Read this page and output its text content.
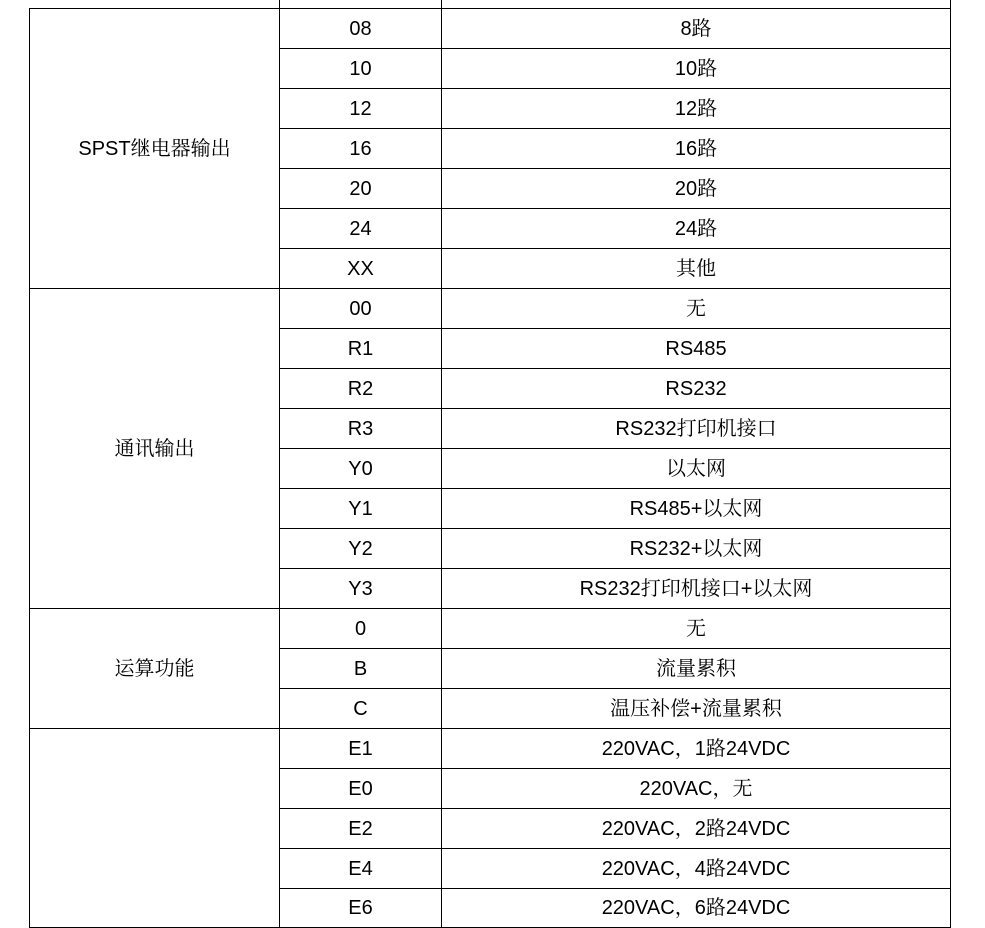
SPST继电器输出	08	8路
	10	10路
	12	12路
	16	16路
	20	20路
	24	24路
	XX	其他
通讯输出	00	无
	R1	RS485
	R2	RS232
	R3	RS232打印机接口
	Y0	以太网
	Y1	RS485+以太网
	Y2	RS232+以太网
	Y3	RS232打印机接口+以太网
运算功能	0	无
	B	流量累积
	C	温压补偿+流量累积
	E1	220VAC，1路24VDC
	E0	220VAC，无
	E2	220VAC，2路24VDC
	E4	220VAC，4路24VDC
	E6	220VAC，6路24VDC
